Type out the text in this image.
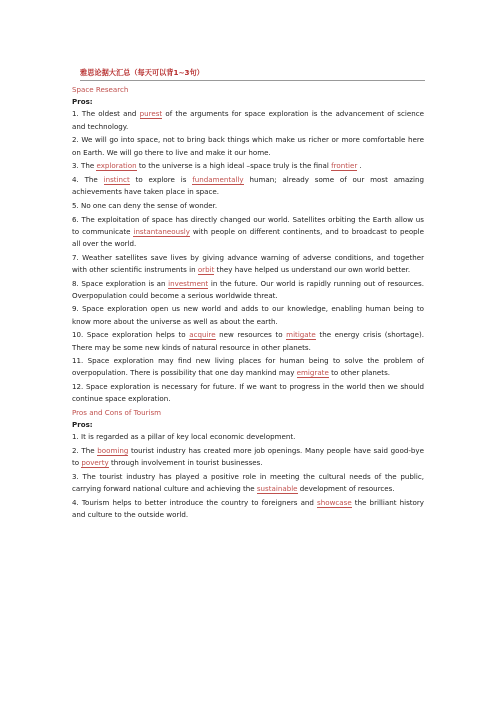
雅思论据大汇总（每天可以背1~3句）
Space Research
Pros:

1. The oldest and purest of the arguments for space exploration is the advancement of science and technology.

2. We will go into space, not to bring back things which make us richer or more comfortable here on Earth. We will go there to live and make it our home.

3. The exploration to the universe is a high ideal –space truly is the final frontier .

4. The instinct to explore is fundamentally human; already some of our most amazing achievements have taken place in space.

5. No one can deny the sense of wonder.

6. The exploitation of space has directly changed our world. Satellites orbiting the Earth allow us to communicate instantaneously with people on different continents, and to broadcast to people all over the world.

7. Weather satellites save lives by giving advance warning of adverse conditions, and together with other scientific instruments in orbit they have helped us understand our own world better.

8. Space exploration is an investment in the future. Our world is rapidly running out of resources. Overpopulation could become a serious worldwide threat.

9. Space exploration open us new world and adds to our knowledge, enabling human being to know more about the universe as well as about the earth.

10. Space exploration helps to acquire new resources to mitigate the energy crisis (shortage). There may be some new kinds of natural resource in other planets.

11. Space exploration may find new living places for human being to solve the problem of overpopulation. There is possibility that one day mankind may emigrate to other planets.

12. Space exploration is necessary for future. If we want to progress in the world then we should continue space exploration.

Pros and Cons of Tourism
Pros:

1. It is regarded as a pillar of key local economic development.

2. The booming tourist industry has created more job openings. Many people have said good-bye to poverty through involvement in tourist businesses.

3. The tourist industry has played a positive role in meeting the cultural needs of the public, carrying forward national culture and achieving the sustainable development of resources.

4. Tourism helps to better introduce the country to foreigners and showcase the brilliant history and culture to the outside world.
